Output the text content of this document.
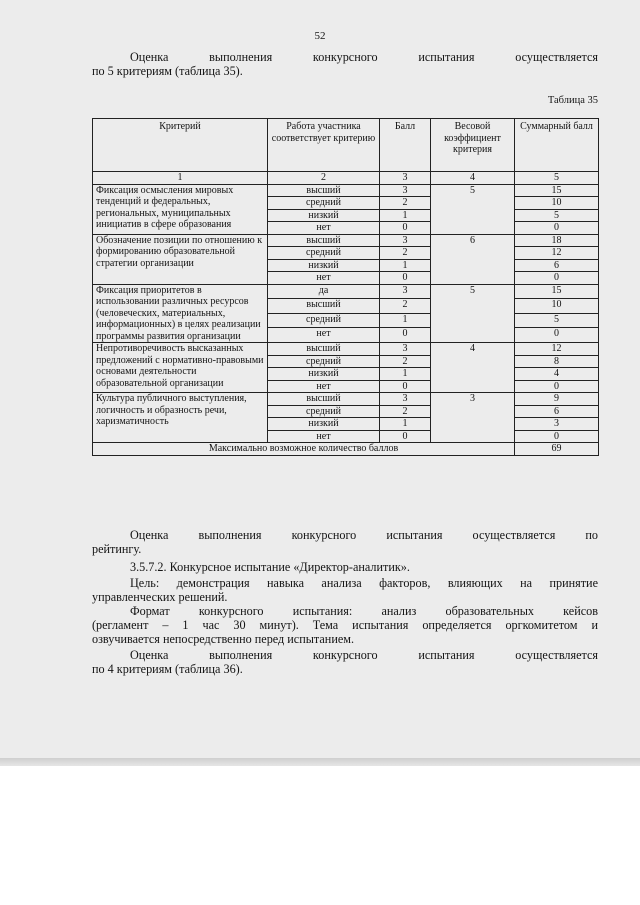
52
Оценка выполнения конкурсного испытания осуществляется
по 5 критериям (таблица 35).
Таблица 35
Критерий	Работа участника соответствует критерию	Балл	Весовой коэффициент критерия	Суммарный балл
1	2	3	4	5
Фиксация осмысления мировых тенденций и федеральных, региональных, муниципальных инициатив в сфере образования	высший	3	5	15
	средний	2		10
	низкий	1		5
	нет	0		0
Обозначение позиции по отношению к формированию образовательной стратегии организации	высший	3	6	18
	средний	2		12
	низкий	1		6
	нет	0		0
Фиксация приоритетов в использовании различных ресурсов (человеческих, материальных, информационных) в целях реализации программы развития организации	да	3	5	15
	высший	2		10
	средний	1		5
	нет	0		0
Непротиворечивость высказанных предложений с нормативно-правовыми основами деятельности образовательной организации	высший	3	4	12
	средний	2		8
	низкий	1		4
	нет	0		0
Культура публичного выступления, логичность и образность речи, харизматичность	высший	3	3	9
	средний	2		6
	низкий	1		3
	нет	0		0
Максимально возможное количество баллов				69
Оценка выполнения конкурсного испытания осуществляется по
рейтингу.
3.5.7.2. Конкурсное испытание «Директор-аналитик».
Цель: демонстрация навыка анализа факторов, влияющих на принятие
управленческих решений.
Формат конкурсного испытания: анализ образовательных кейсов
(регламент – 1 час 30 минут). Тема испытания определяется оргкомитетом и
озвучивается непосредственно перед испытанием.
Оценка выполнения конкурсного испытания осуществляется
по 4 критериям (таблица 36).
